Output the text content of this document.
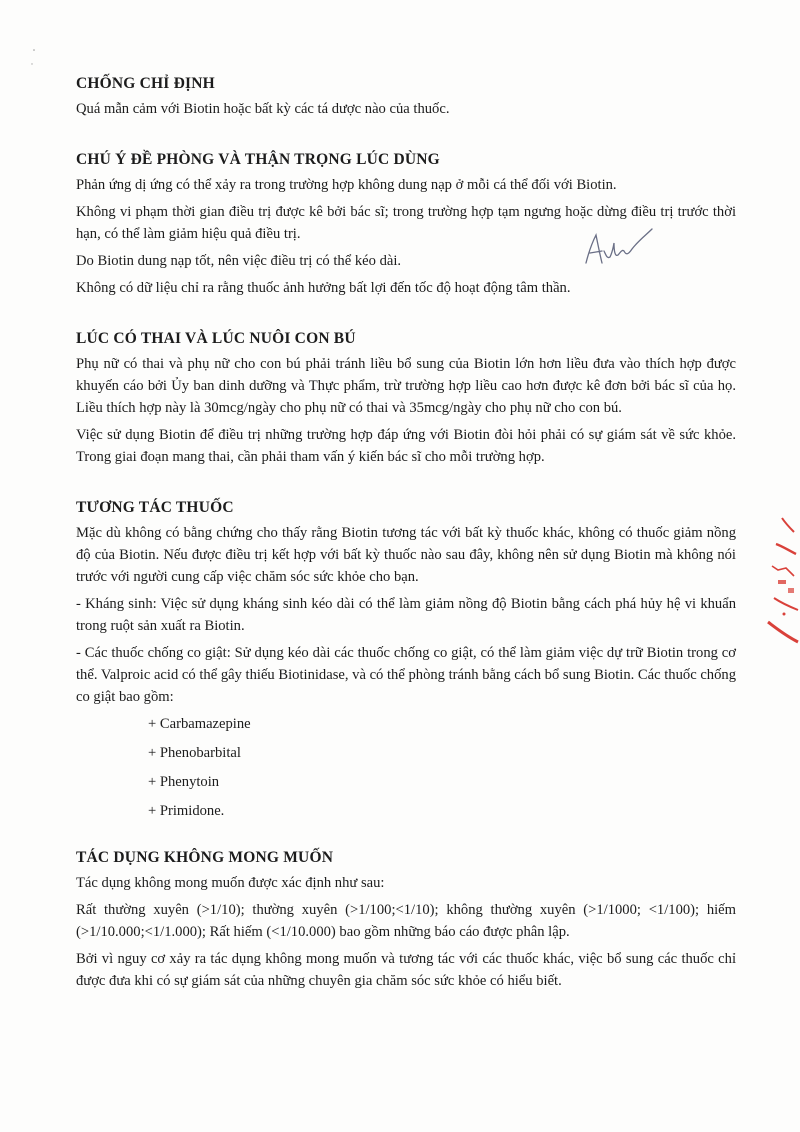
CHỐNG CHỈ ĐỊNH

Quá mẫn cảm với Biotin hoặc bất kỳ các tá dược nào của thuốc.

CHÚ Ý ĐỀ PHÒNG VÀ THẬN TRỌNG LÚC DÙNG

Phản ứng dị ứng có thể xảy ra trong trường hợp không dung nạp ở mỗi cá thể đối với Biotin.

Không vi phạm thời gian điều trị được kê bởi bác sĩ; trong trường hợp tạm ngưng hoặc dừng điều trị trước thời hạn, có thể làm giảm hiệu quả điều trị.

Do Biotin dung nạp tốt, nên việc điều trị có thể kéo dài.

Không có dữ liệu chỉ ra rằng thuốc ảnh hưởng bất lợi đến tốc độ hoạt động tâm thần.

LÚC CÓ THAI VÀ LÚC NUÔI CON BÚ

Phụ nữ có thai và phụ nữ cho con bú phải tránh liều bổ sung của Biotin lớn hơn liều đưa vào thích hợp được khuyến cáo bởi Ủy ban dinh dưỡng và Thực phẩm, trừ trường hợp liều cao hơn được kê đơn bởi bác sĩ của họ. Liều thích hợp này là 30mcg/ngày cho phụ nữ có thai và 35mcg/ngày cho phụ nữ cho con bú.

Việc sử dụng Biotin để điều trị những trường hợp đáp ứng với Biotin đòi hỏi phải có sự giám sát về sức khỏe. Trong giai đoạn mang thai, cần phải tham vấn ý kiến bác sĩ cho mỗi trường hợp.

TƯƠNG TÁC THUỐC

Mặc dù không có bằng chứng cho thấy rằng Biotin tương tác với bất kỳ thuốc khác, không có thuốc giảm nồng độ của Biotin. Nếu được điều trị kết hợp với bất kỳ thuốc nào sau đây, không nên sử dụng Biotin mà không nói trước với người cung cấp việc chăm sóc sức khỏe cho bạn.

- Kháng sinh: Việc sử dụng kháng sinh kéo dài có thể làm giảm nồng độ Biotin bằng cách phá hủy hệ vi khuẩn trong ruột sản xuất ra Biotin.

- Các thuốc chống co giật: Sử dụng kéo dài các thuốc chống co giật, có thể làm giảm việc dự trữ Biotin trong cơ thể. Valproic acid có thể gây thiếu Biotinidase, và có thể phòng tránh bằng cách bổ sung Biotin. Các thuốc chống co giật bao gồm:

+ Carbamazepine
+ Phenobarbital
+ Phenytoin
+ Primidone.
TÁC DỤNG KHÔNG MONG MUỐN

Tác dụng không mong muốn được xác định như sau:

Rất thường xuyên (>1/10); thường xuyên (>1/100;<1/10); không thường xuyên (>1/1000; <1/100); hiếm (>1/10.000;<1/1.000); Rất hiếm (<1/10.000) bao gồm những báo cáo được phân lập.

Bởi vì nguy cơ xảy ra tác dụng không mong muốn và tương tác với các thuốc khác, việc bổ sung các thuốc chỉ được đưa khi có sự giám sát của những chuyên gia chăm sóc sức khỏe có hiểu biết.
